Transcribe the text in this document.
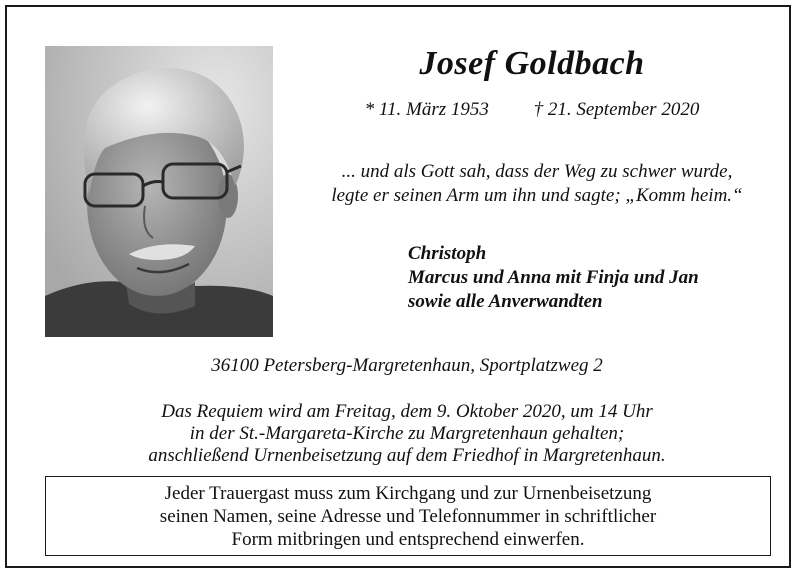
Josef Goldbach
* 11. März 1953 † 21. September 2020
... und als Gott sah, dass der Weg zu schwer wurde,
legte er seinen Arm um ihn und sagte; „Komm heim.“
Christoph
Marcus und Anna mit Finja und Jan
sowie alle Anverwandten
36100 Petersberg-Margretenhaun, Sportplatzweg 2
Das Requiem wird am Freitag, dem 9. Oktober 2020, um 14 Uhr
in der St.-Margareta-Kirche zu Margretenhaun gehalten;
anschließend Urnenbeisetzung auf dem Friedhof in Margretenhaun.
Jeder Trauergast muss zum Kirchgang und zur Urnenbeisetzung
seinen Namen, seine Adresse und Telefonnummer in schriftlicher
Form mitbringen und entsprechend einwerfen.
